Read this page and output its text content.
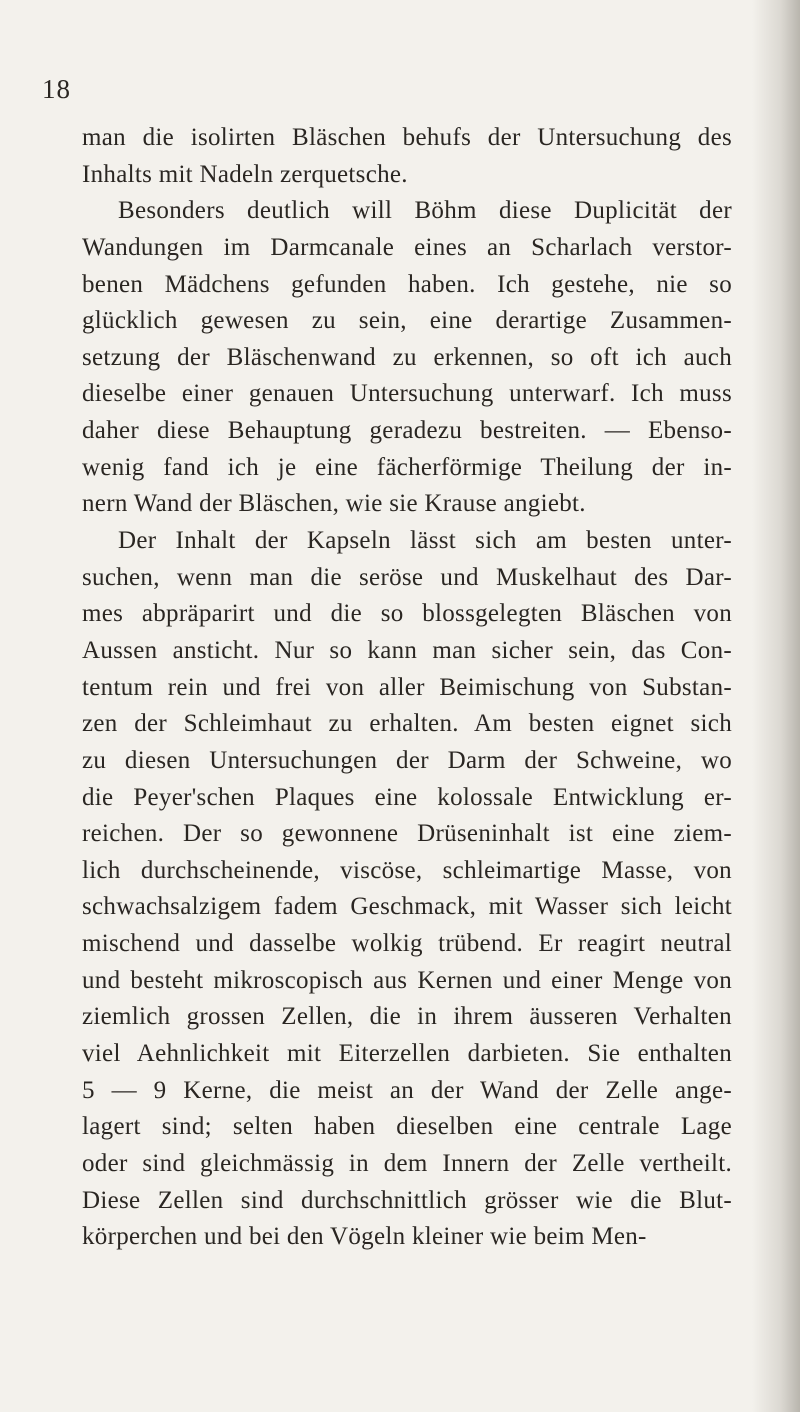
18
man die isolirten Bläschen behufs der Untersuchung des
Inhalts mit Nadeln zerquetsche.
Besonders deutlich will Böhm diese Duplicität der
Wandungen im Darmcanale eines an Scharlach verstor-
benen Mädchens gefunden haben. Ich gestehe, nie so
glücklich gewesen zu sein, eine derartige Zusammen-
setzung der Bläschenwand zu erkennen, so oft ich auch
dieselbe einer genauen Untersuchung unterwarf. Ich muss
daher diese Behauptung geradezu bestreiten. — Ebenso-
wenig fand ich je eine fächerförmige Theilung der in-
nern Wand der Bläschen, wie sie Krause angiebt.
Der Inhalt der Kapseln lässt sich am besten unter-
suchen, wenn man die seröse und Muskelhaut des Dar-
mes abpräparirt und die so blossgelegten Bläschen von
Aussen ansticht. Nur so kann man sicher sein, das Con-
tentum rein und frei von aller Beimischung von Substan-
zen der Schleimhaut zu erhalten. Am besten eignet sich
zu diesen Untersuchungen der Darm der Schweine, wo
die Peyer'schen Plaques eine kolossale Entwicklung er-
reichen. Der so gewonnene Drüseninhalt ist eine ziem-
lich durchscheinende, viscöse, schleimartige Masse, von
schwachsalzigem fadem Geschmack, mit Wasser sich leicht
mischend und dasselbe wolkig trübend. Er reagirt neutral
und besteht mikroscopisch aus Kernen und einer Menge von
ziemlich grossen Zellen, die in ihrem äusseren Verhalten
viel Aehnlichkeit mit Eiterzellen darbieten. Sie enthalten
5 — 9 Kerne, die meist an der Wand der Zelle ange-
lagert sind; selten haben dieselben eine centrale Lage
oder sind gleichmässig in dem Innern der Zelle vertheilt.
Diese Zellen sind durchschnittlich grösser wie die Blut-
körperchen und bei den Vögeln kleiner wie beim Men-
